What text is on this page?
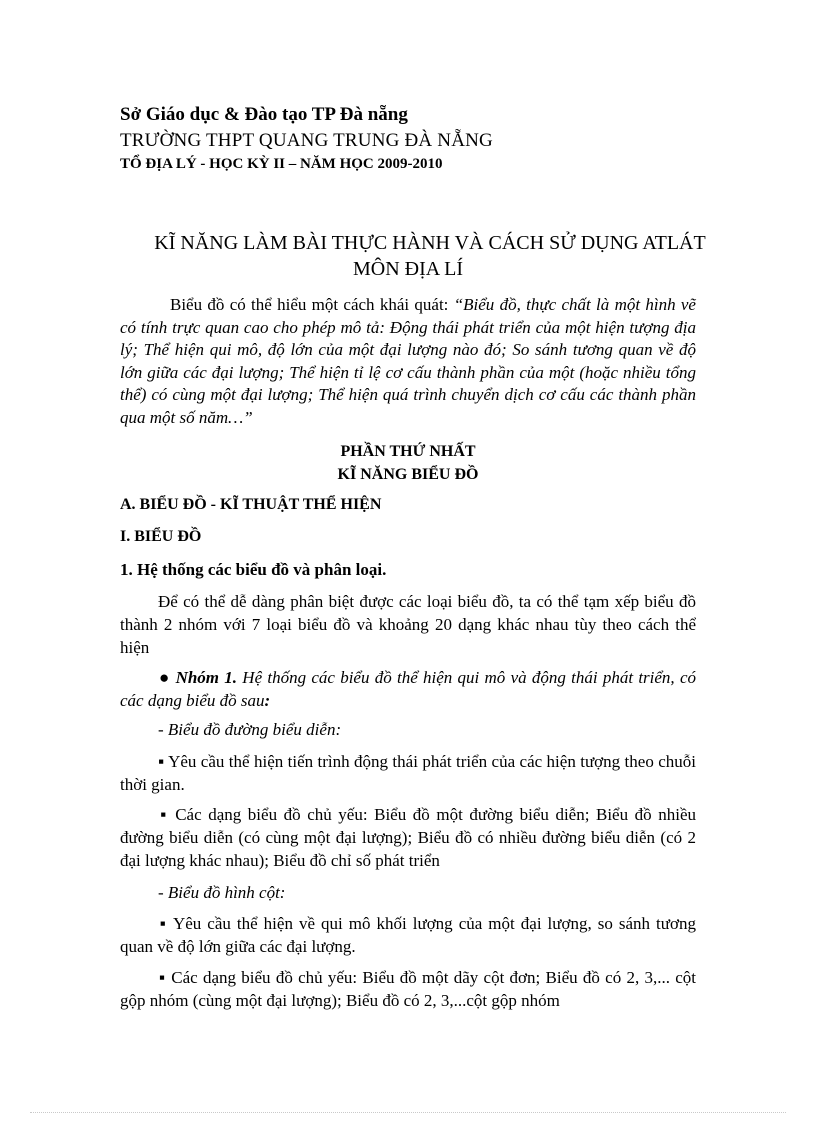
Sở Giáo dục & Đào tạo TP Đà nẵng
TRƯỜNG THPT QUANG TRUNG ĐÀ NẴNG
TỔ ĐỊA LÝ - HỌC KỲ II – NĂM HỌC 2009-2010
KĨ NĂNG LÀM BÀI THỰC HÀNH VÀ CÁCH SỬ DỤNG ATLÁT
MÔN ĐỊA LÍ
Biểu đồ có thể hiểu một cách khái quát: “Biểu đồ, thực chất là một hình vẽ có tính trực quan cao cho phép mô tả: Động thái phát triển của một hiện tượng địa lý; Thể hiện qui mô, độ lớn của một đại lượng nào đó; So sánh tương quan về độ lớn giữa các đại lượng; Thể hiện tỉ lệ cơ cấu thành phần của một (hoặc nhiều tổng thể) có cùng một đại lượng; Thể hiện quá trình chuyển dịch cơ cấu các thành phần qua một số năm…”
PHẦN THỨ NHẤT
KĨ NĂNG BIỂU ĐỒ
A. BIỂU ĐỒ - KĨ THUẬT THỂ HIỆN
I. BIỂU ĐỒ
1. Hệ thống các biểu đồ và phân loại.
Để có thể dễ dàng phân biệt được các loại biểu đồ, ta có thể tạm xếp biểu đồ thành 2 nhóm với 7 loại biểu đồ và khoảng 20 dạng khác nhau tùy theo cách thể hiện
● Nhóm 1. Hệ thống các biểu đồ thể hiện qui mô và động thái phát triển, có các dạng biểu đồ sau:
- Biểu đồ đường biểu diễn:
▪ Yêu cầu thể hiện tiến trình động thái phát triển của các hiện tượng theo chuỗi thời gian.
▪ Các dạng biểu đồ chủ yếu: Biểu đồ một đường biểu diễn; Biểu đồ nhiều đường biểu diễn (có cùng một đại lượng); Biểu đồ có nhiều đường biểu diễn (có 2 đại lượng khác nhau); Biểu đồ chỉ số phát triển
- Biểu đồ hình cột:
▪ Yêu cầu thể hiện về qui mô khối lượng của một đại lượng, so sánh tương quan về độ lớn giữa các đại lượng.
▪ Các dạng biểu đồ chủ yếu: Biểu đồ một dãy cột đơn; Biểu đồ có 2, 3,... cột gộp nhóm (cùng một đại lượng); Biểu đồ có 2, 3,...cột gộp nhóm
